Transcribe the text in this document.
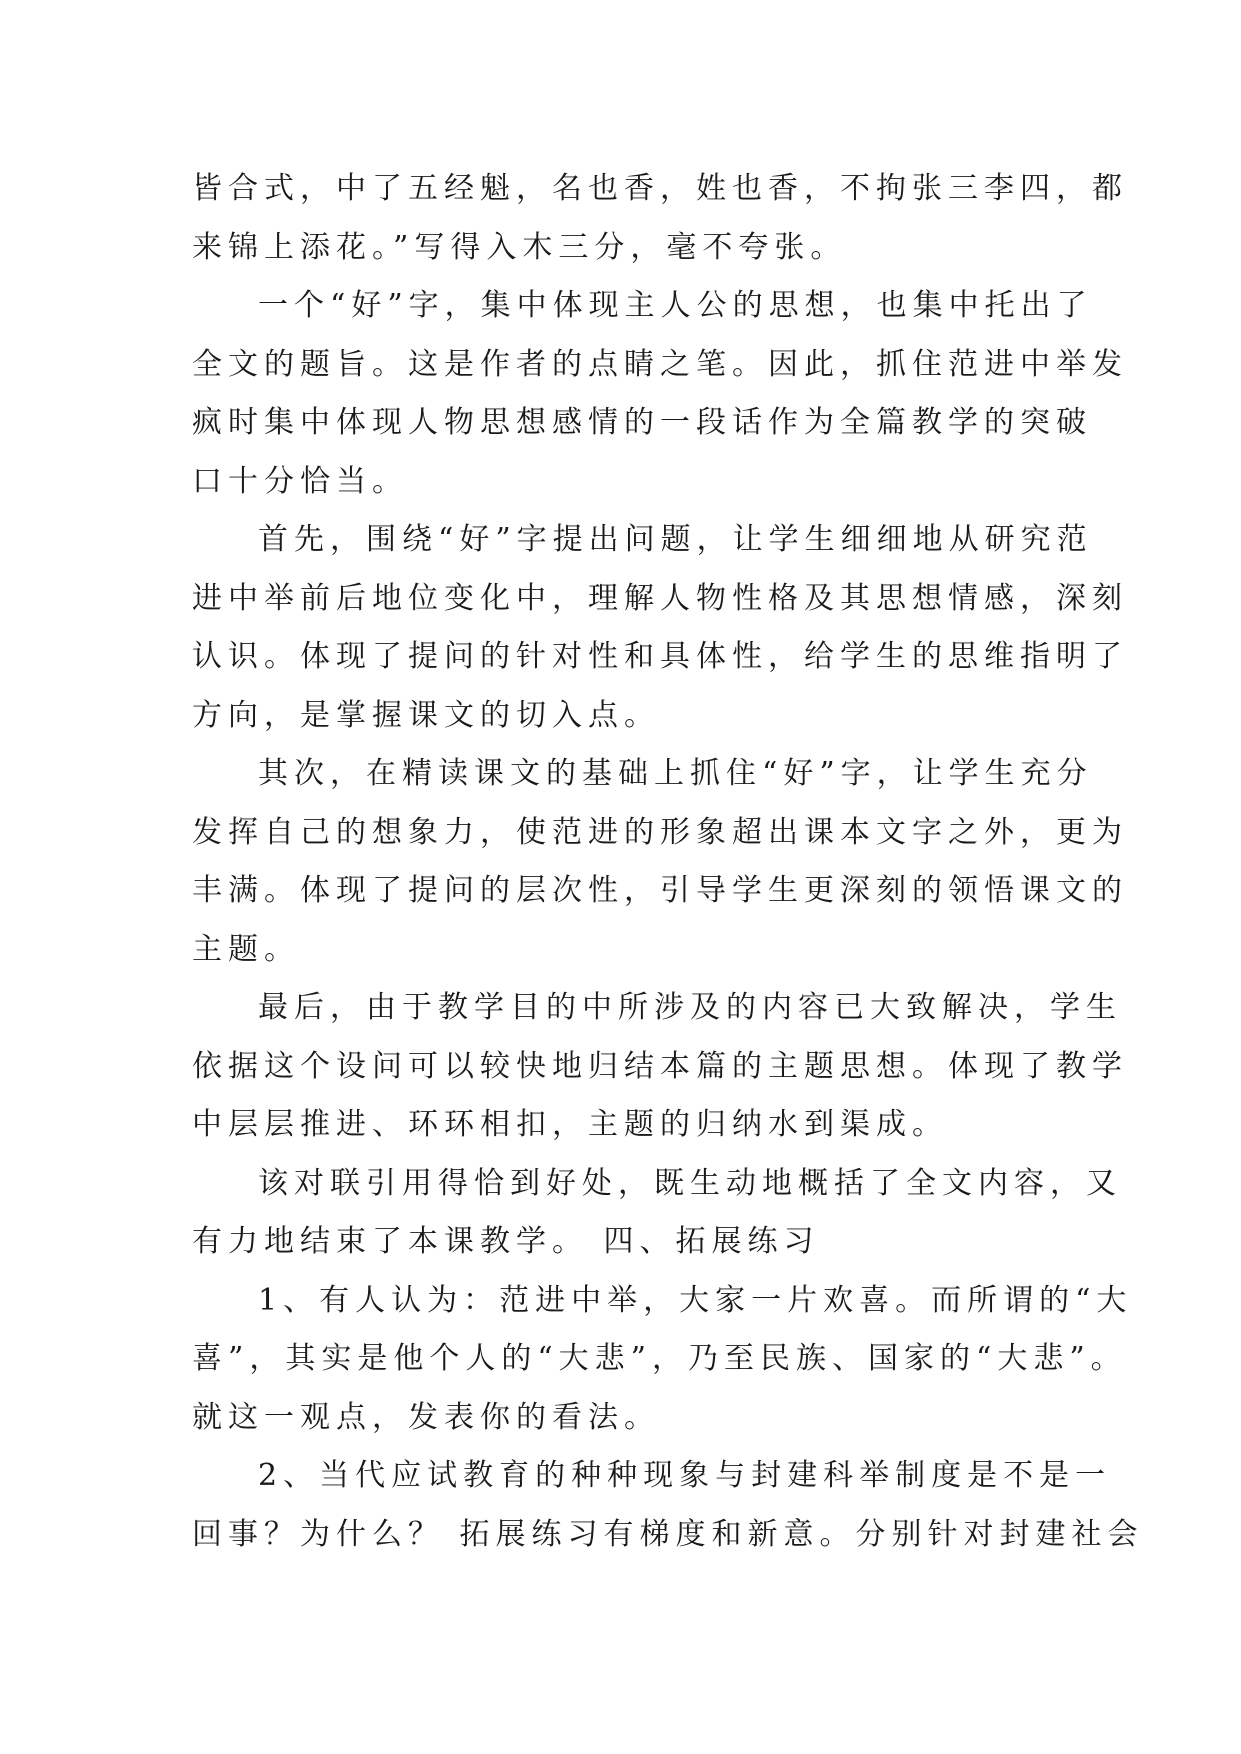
皆合式，中了五经魁，名也香，姓也香，不拘张三李四，都
来锦上添花。”写得入木三分，毫不夸张。
一个“好”字，集中体现主人公的思想，也集中托出了
全文的题旨。这是作者的点睛之笔。因此，抓住范进中举发
疯时集中体现人物思想感情的一段话作为全篇教学的突破
口十分恰当。
首先，围绕“好”字提出问题，让学生细细地从研究范
进中举前后地位变化中，理解人物性格及其思想情感，深刻
认识。体现了提问的针对性和具体性，给学生的思维指明了
方向，是掌握课文的切入点。
其次，在精读课文的基础上抓住“好”字，让学生充分
发挥自己的想象力，使范进的形象超出课本文字之外，更为
丰满。体现了提问的层次性，引导学生更深刻的领悟课文的
主题。
最后，由于教学目的中所涉及的内容已大致解决，学生
依据这个设问可以较快地归结本篇的主题思想。体现了教学
中层层推进、环环相扣，主题的归纳水到渠成。
该对联引用得恰到好处，既生动地概括了全文内容，又
有力地结束了本课教学。 四、拓展练习
1、有人认为：范进中举，大家一片欢喜。而所谓的“大
喜”，其实是他个人的“大悲”，乃至民族、国家的“大悲”。
就这一观点，发表你的看法。
2、当代应试教育的种种现象与封建科举制度是不是一
回事？为什么？ 拓展练习有梯度和新意。分别针对封建社会
